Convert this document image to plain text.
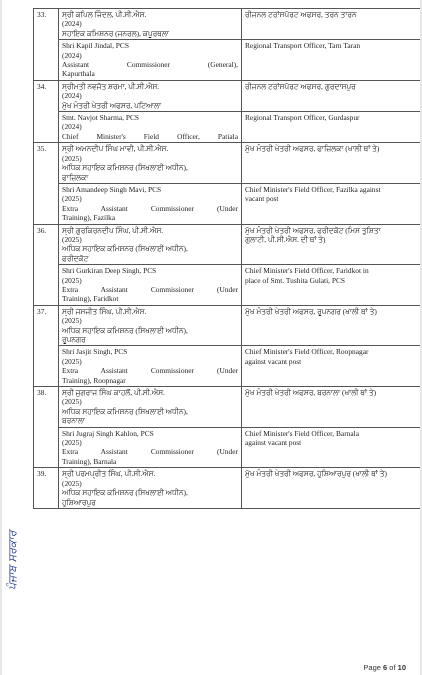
33.	ਸ੍ਰੀ ਕਪਿਲ ਜਿੰਦਲ, ਪੀ.ਸੀ.ਐਸ.
(2024)
ਸਹਾਇਕ ਕਮਿਸ਼ਨਰ (ਜਨਰਲ), ਕਪੂਰਥਲਾ	ਰੀਜਨਲ ਟਰਾਂਸਪੋਰਟ ਅਫਸਰ, ਤਰਨ ਤਾਰਨ

	Shri Kapil Jindal, PCS
(2024)
Assistant Commissioner (General),
Kapurthala	Regional Transport Officer, Tarn Taran

34.	ਸ੍ਰੀਮਤੀ ਨਵਜੋਤ ਸ਼ਰਮਾ, ਪੀ.ਸੀ.ਐਸ.
(2024)
ਮੁੱਖ ਮੰਤਰੀ ਖੇਤਰੀ ਅਫਸਰ, ਪਟਿਆਲਾ	ਰੀਜਨਲ ਟਰਾਂਸਪੋਰਟ ਅਫਸਰ, ਗੁਰਦਾਸਪੁਰ

	Smt. Navjot Sharma, PCS
(2024)
Chief Minister's Field Officer, Patiala	Regional Transport Officer, Gurdaspur

35.	ਸ੍ਰੀ ਅਮਨਦੀਪ ਸਿੰਘ ਮਾਵੀ, ਪੀ.ਸੀ.ਐਸ.
(2025)
ਅਧਿਕ ਸਹਾਇਕ ਕਮਿਸ਼ਨਰ (ਸਿਖਲਾਈ ਅਧੀਨ),
ਫਾਜ਼ਿਲਕਾ	ਮੁੱਖ ਮੰਤਰੀ ਖੇਤਰੀ ਅਫਸਰ, ਫਾਜ਼ਿਲਕਾ (ਖਾਲੀ ਥਾਂ ਤੇ)

	Shri Amandeep Singh Mavi, PCS
(2025)
Extra Assistant Commissioner (Under
Training), Fazilka	Chief Minister's Field Officer, Fazilka against
vacant post

36.	ਸ੍ਰੀ ਗੁਰਕਿਰਨਦੀਪ ਸਿੰਘ, ਪੀ.ਸੀ.ਐਸ.
(2025)
ਅਧਿਕ ਸਹਾਇਕ ਕਮਿਸ਼ਨਰ (ਸਿਖਲਾਈ ਅਧੀਨ),
ਫਰੀਦਕੋਟ	ਮੁੱਖ ਮੰਤਰੀ ਖੇਤਰੀ ਅਫਸਰ, ਫਰੀਦਕੋਟ (ਮਿਸ ਤੁਸ਼ਿਤਾ
ਗੁਲਾਟੀ, ਪੀ.ਸੀ.ਐਸ. ਦੀ ਥਾਂ ਤੇ)

	Shri Gurkiran Deep Singh, PCS
(2025)
Extra Assistant Commissioner (Under
Training), Faridkot	Chief Minister's Field Officer, Faridkot in
place of Smt. Tushita Gulati, PCS

37.	ਸ੍ਰੀ ਜਸਜੀਤ ਸਿੰਘ, ਪੀ.ਸੀ.ਐਸ.
(2025)
ਅਧਿਕ ਸਹਾਇਕ ਕਮਿਸ਼ਨਰ (ਸਿਖਲਾਈ ਅਧੀਨ),
ਰੂਪਨਗਰ	ਮੁੱਖ ਮੰਤਰੀ ਖੇਤਰੀ ਅਫਸਰ, ਰੂਪਨਗਰ (ਖਾਲੀ ਥਾਂ ਤੇ)

	Shri Jasjit Singh, PCS
(2025)
Extra Assistant Commissioner (Under
Training), Roopnagar	Chief Minister's Field Officer, Roopnagar
against vacant post

38.	ਸ੍ਰੀ ਜੁਗਰਾਜ ਸਿੰਘ ਕਾਹਲੋਂ, ਪੀ.ਸੀ.ਐਸ.
(2025)
ਅਧਿਕ ਸਹਾਇਕ ਕਮਿਸ਼ਨਰ (ਸਿਖਲਾਈ ਅਧੀਨ),
ਬਰਨਾਲਾ	ਮੁੱਖ ਮੰਤਰੀ ਖੇਤਰੀ ਅਫਸਰ, ਬਰਨਾਲਾ (ਖਾਲੀ ਥਾਂ ਤੇ)

	Shri Jugraj Singh Kahlon, PCS
(2025)
Extra Assistant Commissioner (Under
Training), Barnala	Chief Minister's Field Officer, Barnala
against vacant post

39.	ਸ੍ਰੀ ਪਰਮਪ੍ਰੀਤ ਸਿੰਘ, ਪੀ.ਸੀ.ਐਸ.
(2025)
ਅਧਿਕ ਸਹਾਇਕ ਕਮਿਸ਼ਨਰ (ਸਿਖਲਾਈ ਅਧੀਨ),
ਹੁਸ਼ਿਆਰਪੁਰ	ਮੁੱਖ ਮੰਤਰੀ ਖੇਤਰੀ ਅਫਸਰ, ਹੁਸ਼ਿਆਰਪੁਰ (ਖਾਲੀ ਥਾਂ ਤੇ)
ਪੰਜਾਬ ਸਰਕਾਰ
Page 6 of 10
